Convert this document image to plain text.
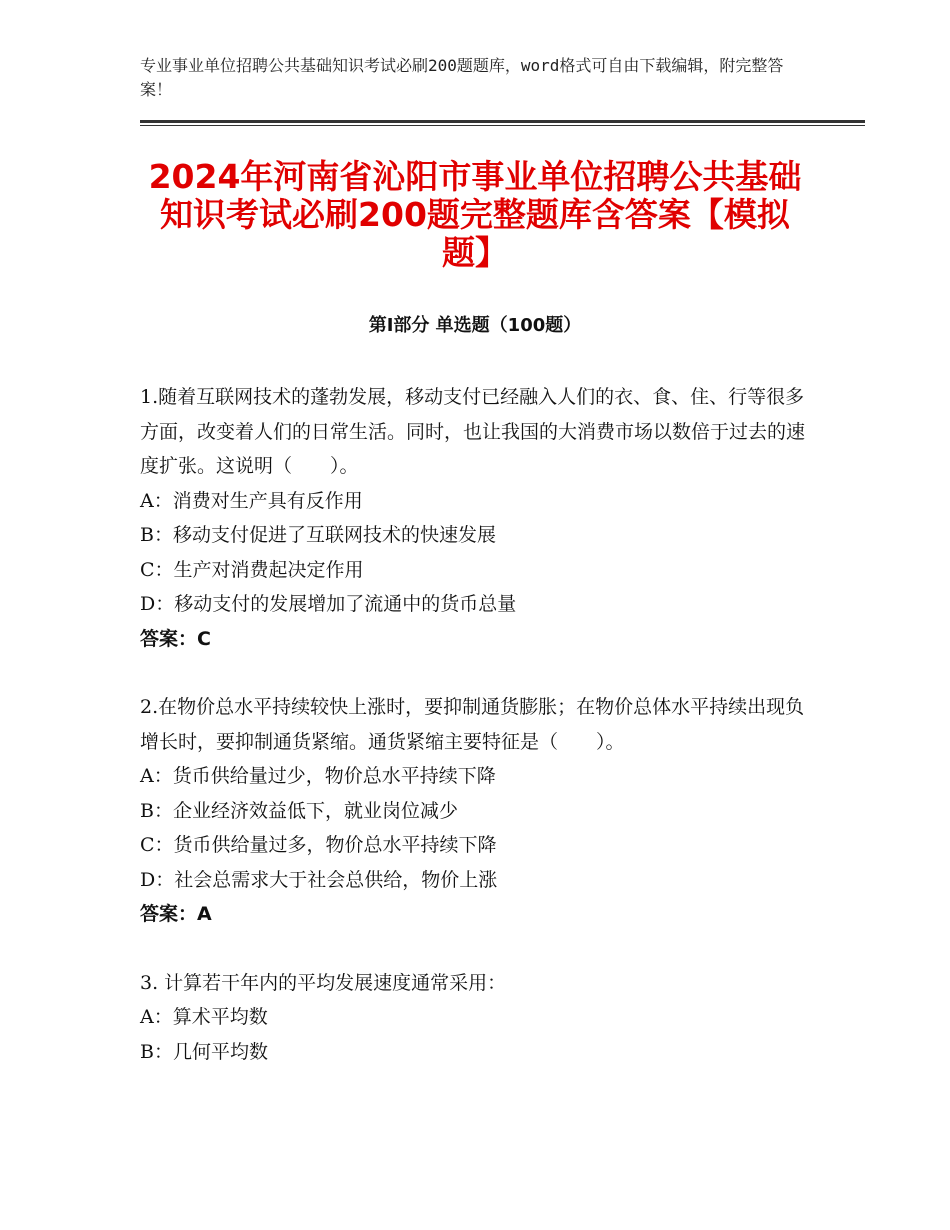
专业事业单位招聘公共基础知识考试必刷200题题库，word格式可自由下载编辑，附完整答案！
2024年河南省沁阳市事业单位招聘公共基础知识考试必刷200题完整题库含答案【模拟题】
第Ⅰ部分 单选题（100题）

1.随着互联网技术的蓬勃发展，移动支付已经融入人们的衣、食、住、行等很多方面，改变着人们的日常生活。同时，也让我国的大消费市场以数倍于过去的速度扩张。这说明（　　）。

A：消费对生产具有反作用

B：移动支付促进了互联网技术的快速发展

C：生产对消费起决定作用

D：移动支付的发展增加了流通中的货币总量

答案：C

2.在物价总水平持续较快上涨时，要抑制通货膨胀；在物价总体水平持续出现负增长时，要抑制通货紧缩。通货紧缩主要特征是（　　）。

A：货币供给量过少，物价总水平持续下降

B：企业经济效益低下，就业岗位减少

C：货币供给量过多，物价总水平持续下降

D：社会总需求大于社会总供给，物价上涨

答案：A

3. 计算若干年内的平均发展速度通常采用：

A：算术平均数

B：几何平均数
